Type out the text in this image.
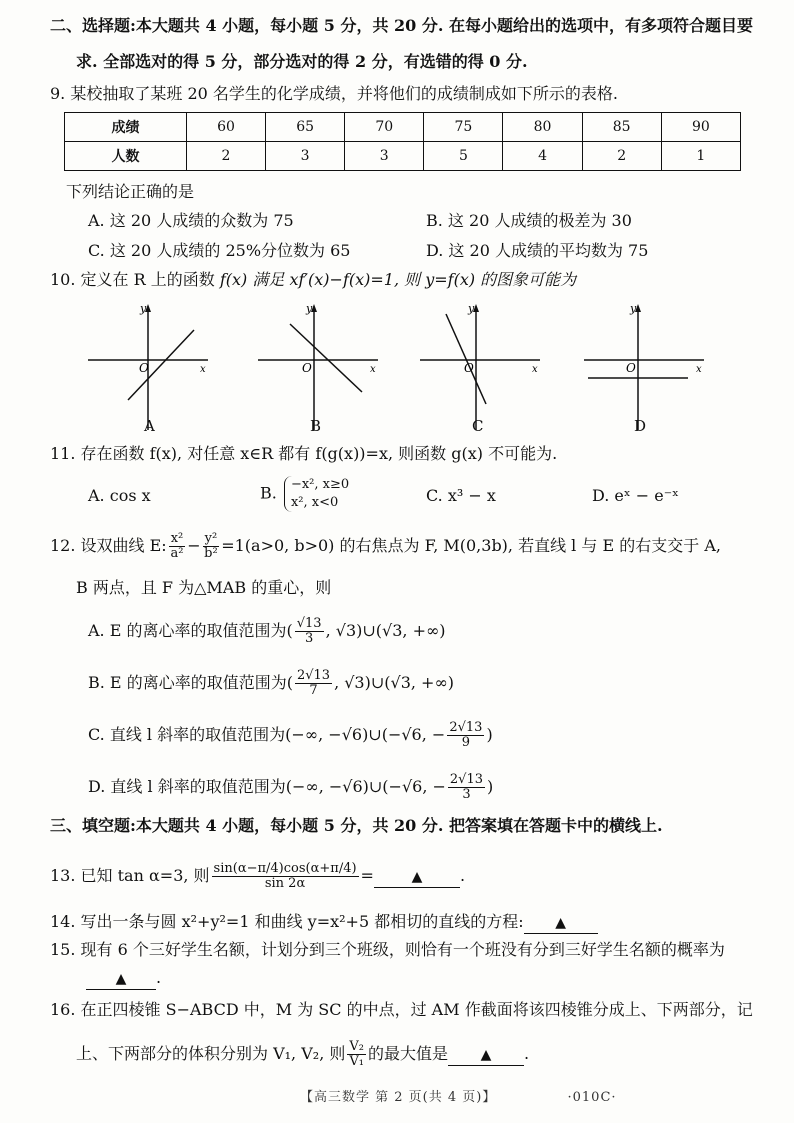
二、选择题:本大题共 4 小题，每小题 5 分，共 20 分. 在每小题给出的选项中，有多项符合题目要
求. 全部选对的得 5 分，部分选对的得 2 分，有选错的得 0 分.
9. 某校抽取了某班 20 名学生的化学成绩，并将他们的成绩制成如下所示的表格.
成绩	60	65	70	75	80	85	90
人数	2	3	3	5	4	2	1
下列结论正确的是
A. 这 20 人成绩的众数为 75	B. 这 20 人成绩的极差为 30
C. 这 20 人成绩的 25%分位数为 65	D. 这 20 人成绩的平均数为 75
10. 定义在 R 上的函数 f(x) 满足 xf′(x)−f(x)=1, 则 y=f(x) 的图象可能为
y
x
O
y
x
O
y
x
O
y
x
O
A	B	C	D
11. 存在函数 f(x), 对任意 x∈R 都有 f(g(x))=x, 则函数 g(x) 不可能为.
A. cos x	B. −x², x≥0
x², x<0	C. x³ − x	D. eˣ − e⁻ˣ
12. 设双曲线 E: $\frac{\text{x²}}{\text{a²}} - \frac{\text{y²}}{\text{b²}} =1(a>0$, b>0) 的右焦点为 F, M(0,3b), 若直线 l 与 E 的右支交于 A,
B 两点，且 F 为△MAB 的重心，则
A. E 的离心率的取值范围为( $\frac{√13}{3}$ , √3)∪(√3, +∞)
B. E 的离心率的取值范围为( $\frac{2√13}{7}$ , √3)∪(√3, +∞)
C. 直线 l 斜率的取值范围为(−∞, −√6)∪(−√6, − $\frac{2√13}{9}$ )
D. 直线 l 斜率的取值范围为(−∞, −√6)∪(−√6, − $\frac{2√13}{3}$ )
三、填空题:本大题共 4 小题，每小题 5 分，共 20 分. 把答案填在答题卡中的横线上.
13. 已知 tan α=3, 则 $\frac{\sin(\alpha-\pi/4)\cos(\alpha+\pi/4)}{\sin 2\alpha}$ =	▲ .
14. 写出一条与圆 x²+y²=1 和曲线 y=x²+5 都相切的直线的方程: ▲
15. 现有 6 个三好学生名额，计划分到三个班级，则恰有一个班没有分到三好学生名额的概率为
▲ .
16. 在正四棱锥 S−ABCD 中，M 为 SC 的中点，过 AM 作截面将该四棱锥分成上、下两部分，记
上、下两部分的体积分别为 V₁, V₂, 则 $\frac{\text{V₂}}{\text{V₁}}$ 的最大值是 ▲ .
【高三数学 第 2 页(共 4 页)】	·010C·
